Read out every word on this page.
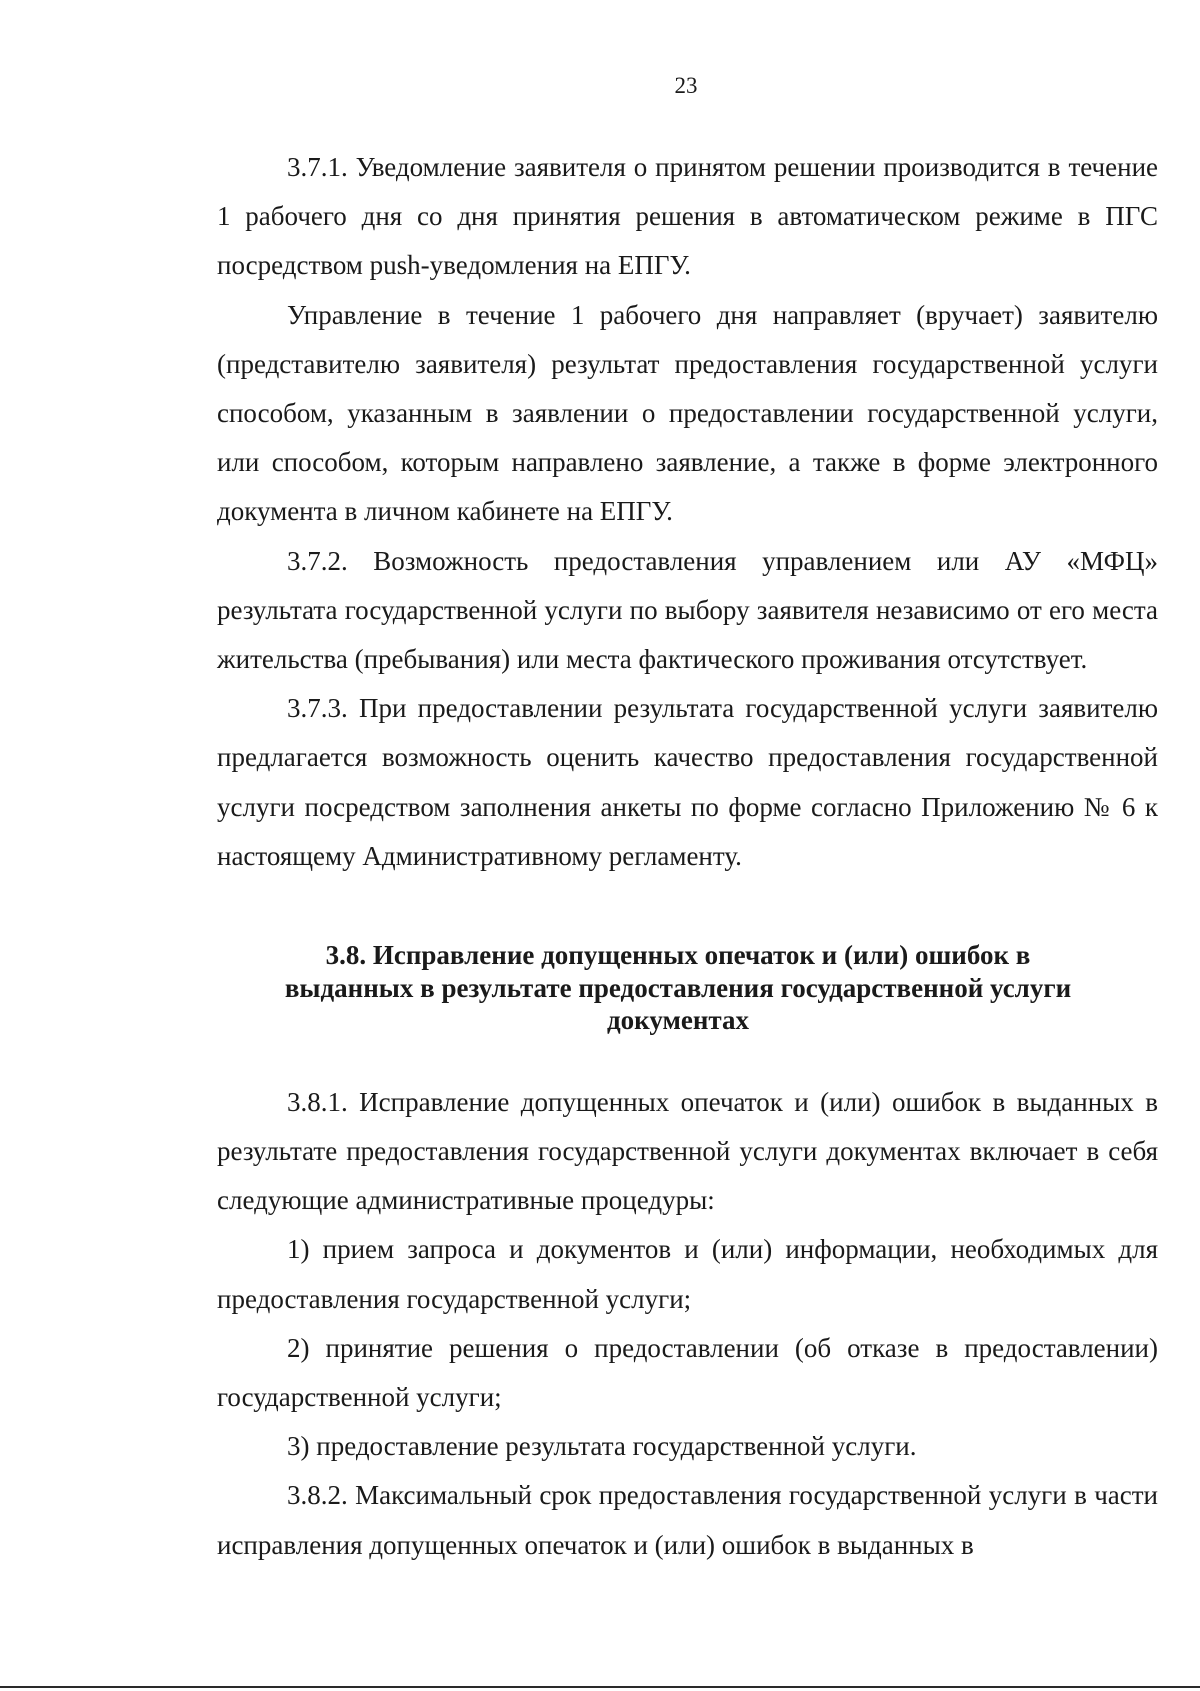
23

3.7.1. Уведомление заявителя о принятом решении производится в течение 1 рабочего дня со дня принятия решения в автоматическом режиме в ПГС посредством push-уведомления на ЕПГУ.

Управление в течение 1 рабочего дня направляет (вручает) заявителю (представителю заявителя) результат предоставления государственной услуги способом, указанным в заявлении о предоставлении государственной услуги, или способом, которым направлено заявление, а также в форме электронного документа в личном кабинете на ЕПГУ.

3.7.2. Возможность предоставления управлением или АУ «МФЦ» результата государственной услуги по выбору заявителя независимо от его места жительства (пребывания) или места фактического проживания отсутствует.

3.7.3. При предоставлении результата государственной услуги заявителю предлагается возможность оценить качество предоставления государственной услуги посредством заполнения анкеты по форме согласно Приложению № 6 к настоящему Административному регламенту.

3.8. Исправление допущенных опечаток и (или) ошибок в
выданных в результате предоставления государственной услуги
документах

3.8.1. Исправление допущенных опечаток и (или) ошибок в выданных в результате предоставления государственной услуги документах включает в себя следующие административные процедуры:

1) прием запроса и документов и (или) информации, необходимых для предоставления государственной услуги;

2) принятие решения о предоставлении (об отказе в предоставлении) государственной услуги;

3) предоставление результата государственной услуги.

3.8.2. Максимальный срок предоставления государственной услуги в части исправления допущенных опечаток и (или) ошибок в выданных в
